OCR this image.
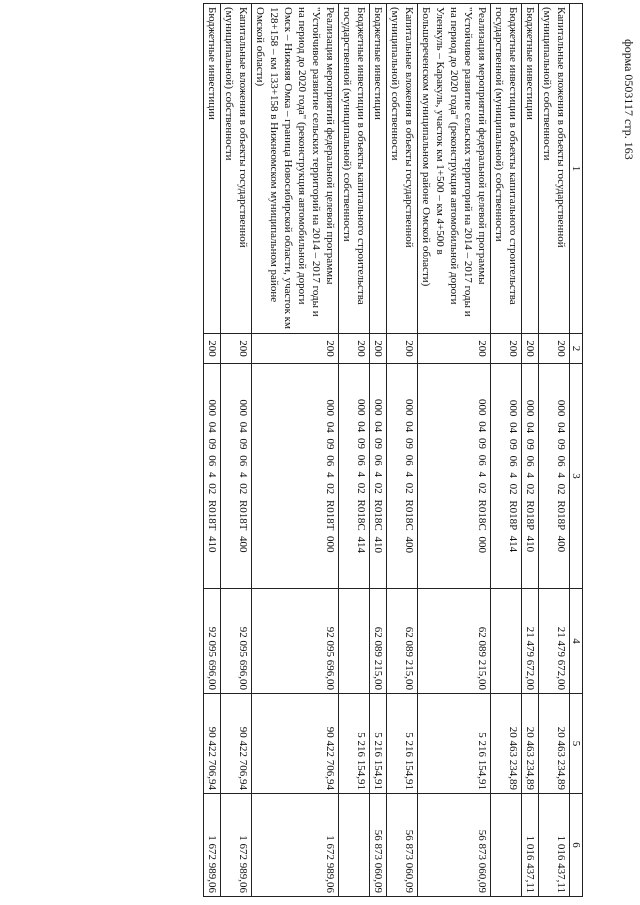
форма 0503117 стр. 163
1	2	3	4	5	6
Капитальные вложения в объекты государственной (муниципальной) собственности	200	000 04 09 06 4 02 R018P 400	21 479 672,00	20 463 234,89	1 016 437,11
Бюджетные инвестиции	200	000 04 09 06 4 02 R018P 410	21 479 672,00	20 463 234,89	1 016 437,11
Бюджетные инвестиции в объекты капитального строительства государственной (муниципальной) собственности	200	000 04 09 06 4 02 R018P 414		20 463 234,89	
Реализация мероприятий федеральной целевой программы "Устойчивое развитие сельских территорий на 2014 – 2017 годы и на период до 2020 года" (реконструкция автомобильной дороги Уленкуль – Каракуль, участок км 1+500 – км 4+500 в Большереченском муниципальном районе Омской области)	200	000 04 09 06 4 02 R018C 000	62 089 215,00	5 216 154,91	56 873 060,09
Капитальные вложения в объекты государственной (муниципальной) собственности	200	000 04 09 06 4 02 R018C 400	62 089 215,00	5 216 154,91	56 873 060,09
Бюджетные инвестиции	200	000 04 09 06 4 02 R018C 410	62 089 215,00	5 216 154,91	56 873 060,09
Бюджетные инвестиции в объекты капитального строительства государственной (муниципальной) собственности	200	000 04 09 06 4 02 R018C 414		5 216 154,91	
Реализация мероприятий федеральной целевой программы "Устойчивое развитие сельских территорий на 2014 – 2017 годы и на период до 2020 года" (реконструкция автомобильной дороги Омск – Нижняя Омка – граница Новосибирской области, участок км 128+158 – км 133+158 в Нижнеомском муниципальном районе Омской области)	200	000 04 09 06 4 02 R018T 000	92 095 696,00	90 422 706,94	1 672 989,06
Капитальные вложения в объекты государственной (муниципальной) собственности	200	000 04 09 06 4 02 R018T 400	92 095 696,00	90 422 706,94	1 672 989,06
Бюджетные инвестиции	200	000 04 09 06 4 02 R018T 410	92 095 696,00	90 422 706,94	1 672 989,06
